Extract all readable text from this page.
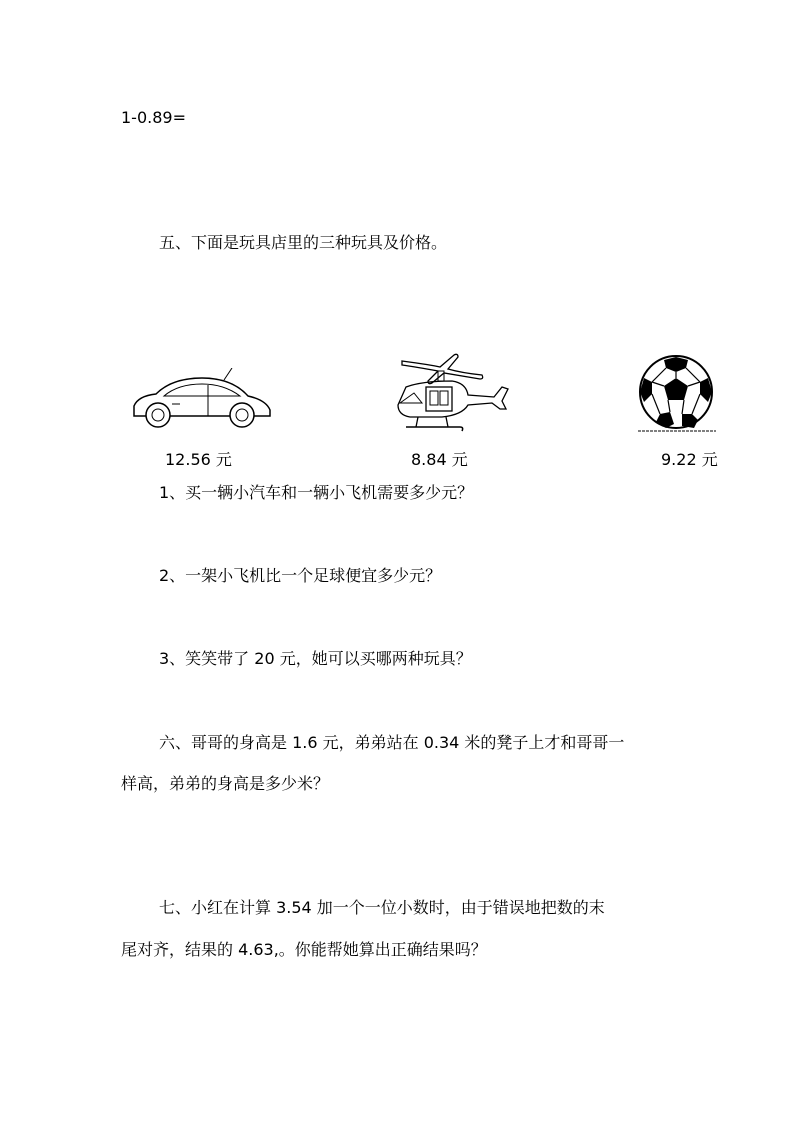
1-0.89=
五、下面是玩具店里的三种玩具及价格。
12.56 元	8.84 元	9.22 元
1、买一辆小汽车和一辆小飞机需要多少元？
2、一架小飞机比一个足球便宜多少元？
3、笑笑带了 20 元，她可以买哪两种玩具？
六、哥哥的身高是 1.6 元，弟弟站在 0.34 米的凳子上才和哥哥一
样高，弟弟的身高是多少米？
七、小红在计算 3.54 加一个一位小数时，由于错误地把数的末
尾对齐，结果的 4.63,。你能帮她算出正确结果吗？
